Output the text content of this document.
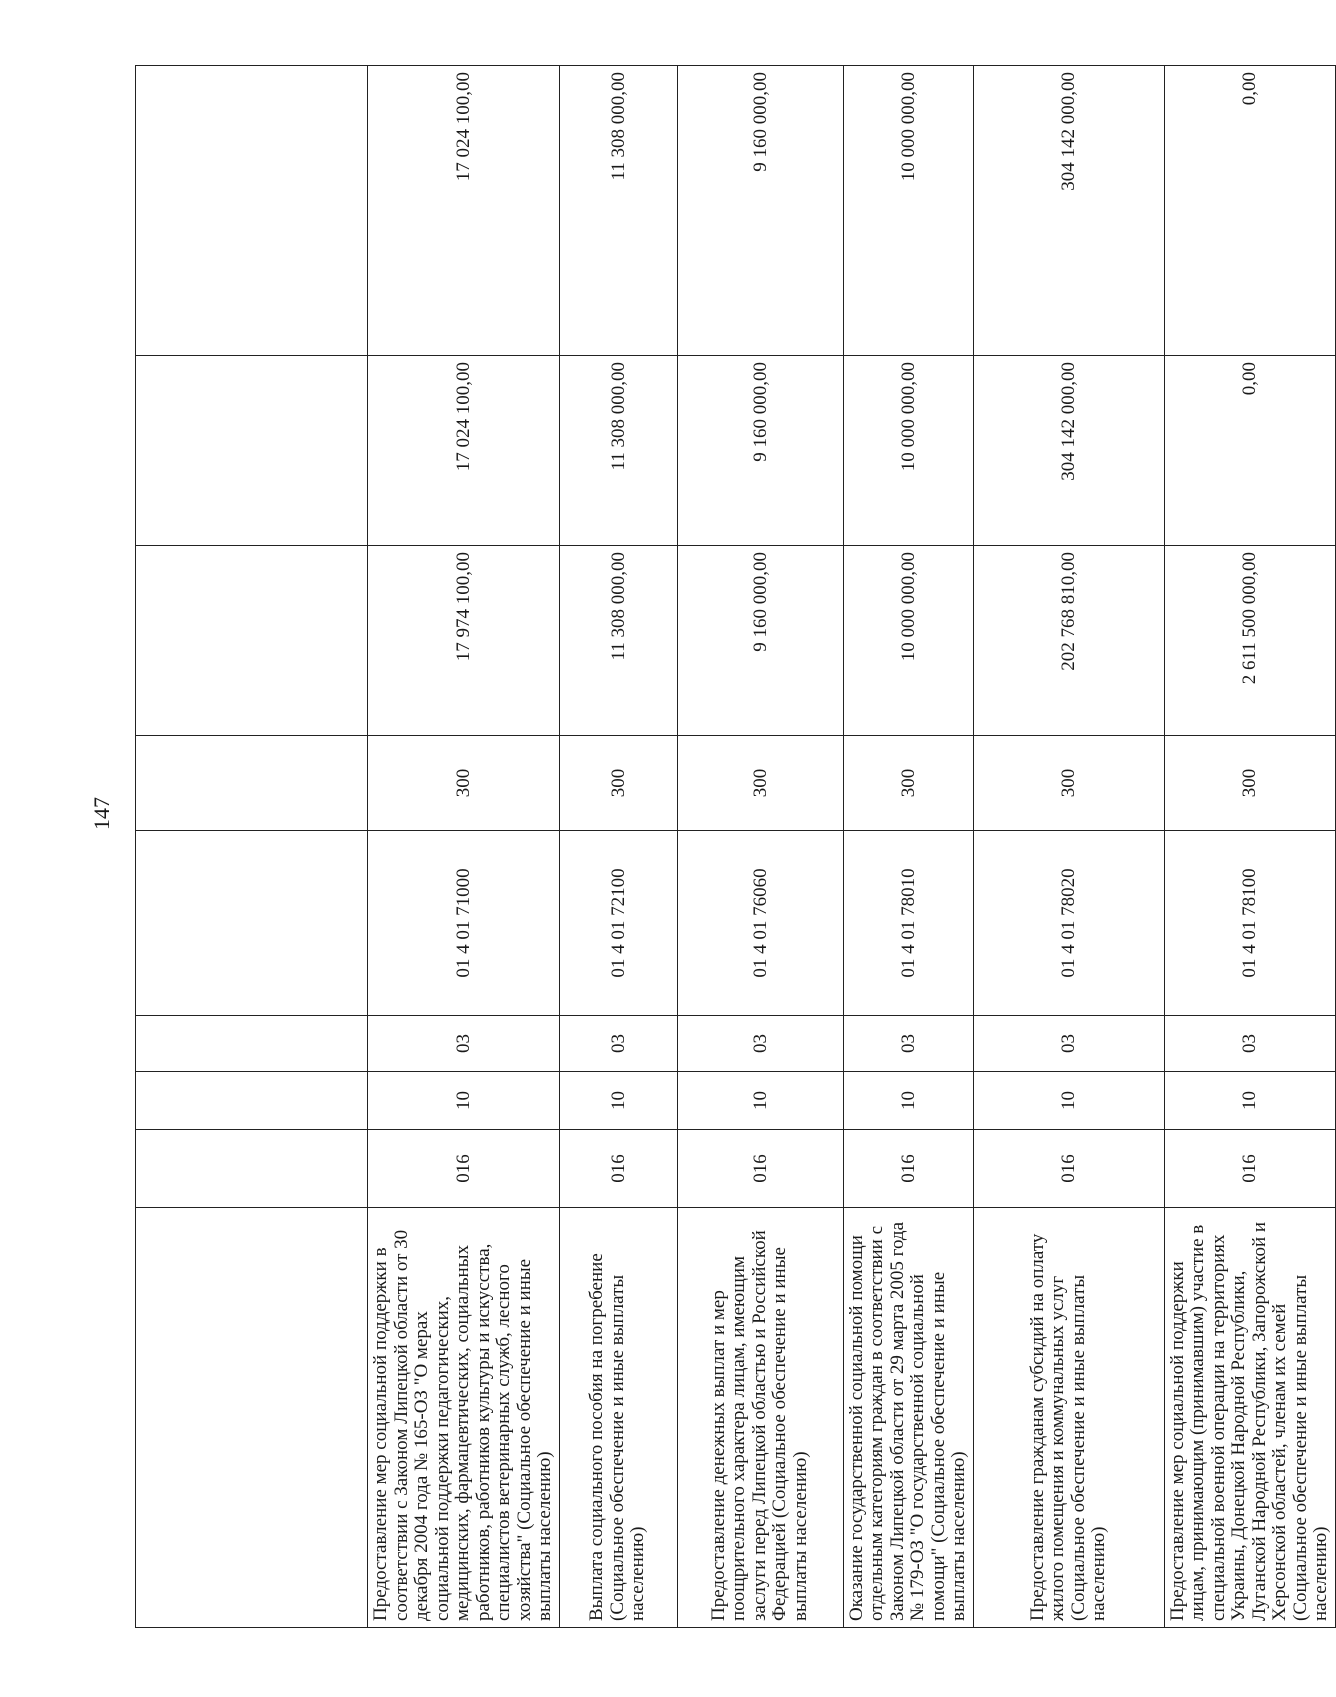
147

Предоставление мер социальной поддержки в соответствии с Законом Липецкой области от 30 декабря 2004 года № 165-ОЗ "О мерах социальной поддержки педагогических, медицинских, фармацевтических, социальных работников, работников культуры и искусства, специалистов ветеринарных служб, лесного хозяйства" (Социальное обеспечение и иные выплаты населению)	016	10	03	01 4 01 71000	300	17 974 100,00	17 024 100,00	17 024 100,00
Выплата социального пособия на погребение (Социальное обеспечение и иные выплаты населению)	016	10	03	01 4 01 72100	300	11 308 000,00	11 308 000,00	11 308 000,00
Предоставление денежных выплат и мер поощрительного характера лицам, имеющим заслуги перед Липецкой областью и Российской Федерацией (Социальное обеспечение и иные выплаты населению)	016	10	03	01 4 01 76060	300	9 160 000,00	9 160 000,00	9 160 000,00
Оказание государственной социальной помощи отдельным категориям граждан в соответствии с Законом Липецкой области от 29 марта 2005 года № 179-ОЗ "О государственной социальной помощи" (Социальное обеспечение и иные выплаты населению)	016	10	03	01 4 01 78010	300	10 000 000,00	10 000 000,00	10 000 000,00
Предоставление гражданам субсидий на оплату жилого помещения и коммунальных услуг (Социальное обеспечение и иные выплаты населению)	016	10	03	01 4 01 78020	300	202 768 810,00	304 142 000,00	304 142 000,00
Предоставление мер социальной поддержки лицам, принимающим (принимавшим) участие в специальной военной операции на территориях Украины, Донецкой Народной Республики, Луганской Народной Республики, Запорожской и Херсонской областей, членам их семей (Социальное обеспечение и иные выплаты населению)	016	10	03	01 4 01 78100	300	2 611 500 000,00	0,00	0,00
